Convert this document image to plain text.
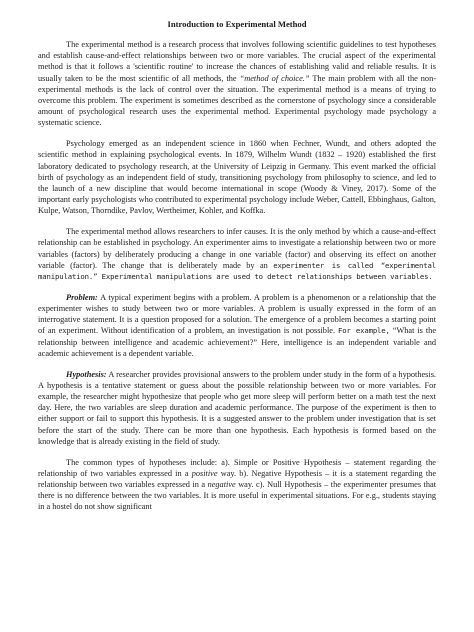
Introduction to Experimental Method

The experimental method is a research process that involves following scientific guidelines to test hypotheses and establish cause-and-effect relationships between two or more variables. The crucial aspect of the experimental method is that it follows a 'scientific routine' to increase the chances of establishing valid and reliable results. It is usually taken to be the most scientific of all methods, the “method of choice.” The main problem with all the non-experimental methods is the lack of control over the situation. The experimental method is a means of trying to overcome this problem. The experiment is sometimes described as the cornerstone of psychology since a considerable amount of psychological research uses the experimental method. Experimental psychology made psychology a systematic science.

Psychology emerged as an independent science in 1860 when Fechner, Wundt, and others adopted the scientific method in explaining psychological events. In 1879, Wilhelm Wundt (1832 – 1920) established the first laboratory dedicated to psychology research, at the University of Leipzig in Germany. This event marked the official birth of psychology as an independent field of study, transitioning psychology from philosophy to science, and led to the launch of a new discipline that would become international in scope (Woody & Viney, 2017). Some of the important early psychologists who contributed to experimental psychology include Weber, Cattell, Ebbinghaus, Galton, Kulpe, Watson, Thorndike, Pavlov, Wertheimer, Kohler, and Koffka.

The experimental method allows researchers to infer causes. It is the only method by which a cause-and-effect relationship can be established in psychology. An experimenter aims to investigate a relationship between two or more variables (factors) by deliberately producing a change in one variable (factor) and observing its effect on another variable (factor). The change that is deliberately made by an experimenter is called “experimental manipulation.” Experimental manipulations are used to detect relationships between variables.

Problem: A typical experiment begins with a problem. A problem is a phenomenon or a relationship that the experimenter wishes to study between two or more variables. A problem is usually expressed in the form of an interrogative statement. It is a question proposed for a solution. The emergence of a problem becomes a starting point of an experiment. Without identification of a problem, an investigation is not possible. For example, “What is the relationship between intelligence and academic achievement?” Here, intelligence is an independent variable and academic achievement is a dependent variable.

Hypothesis: A researcher provides provisional answers to the problem under study in the form of a hypothesis. A hypothesis is a tentative statement or guess about the possible relationship between two or more variables. For example, the researcher might hypothesize that people who get more sleep will perform better on a math test the next day. Here, the two variables are sleep duration and academic performance. The purpose of the experiment is then to either support or fail to support this hypothesis. It is a suggested answer to the problem under investigation that is set before the start of the study. There can be more than one hypothesis. Each hypothesis is formed based on the knowledge that is already existing in the field of study.

The common types of hypotheses include: a). Simple or Positive Hypothesis – statement regarding the relationship of two variables expressed in a positive way. b). Negative Hypothesis – it is a statement regarding the relationship between two variables expressed in a negative way. c). Null Hypothesis – the experimenter presumes that there is no difference between the two variables. It is more useful in experimental situations. For e.g., students staying in a hostel do not show significant
